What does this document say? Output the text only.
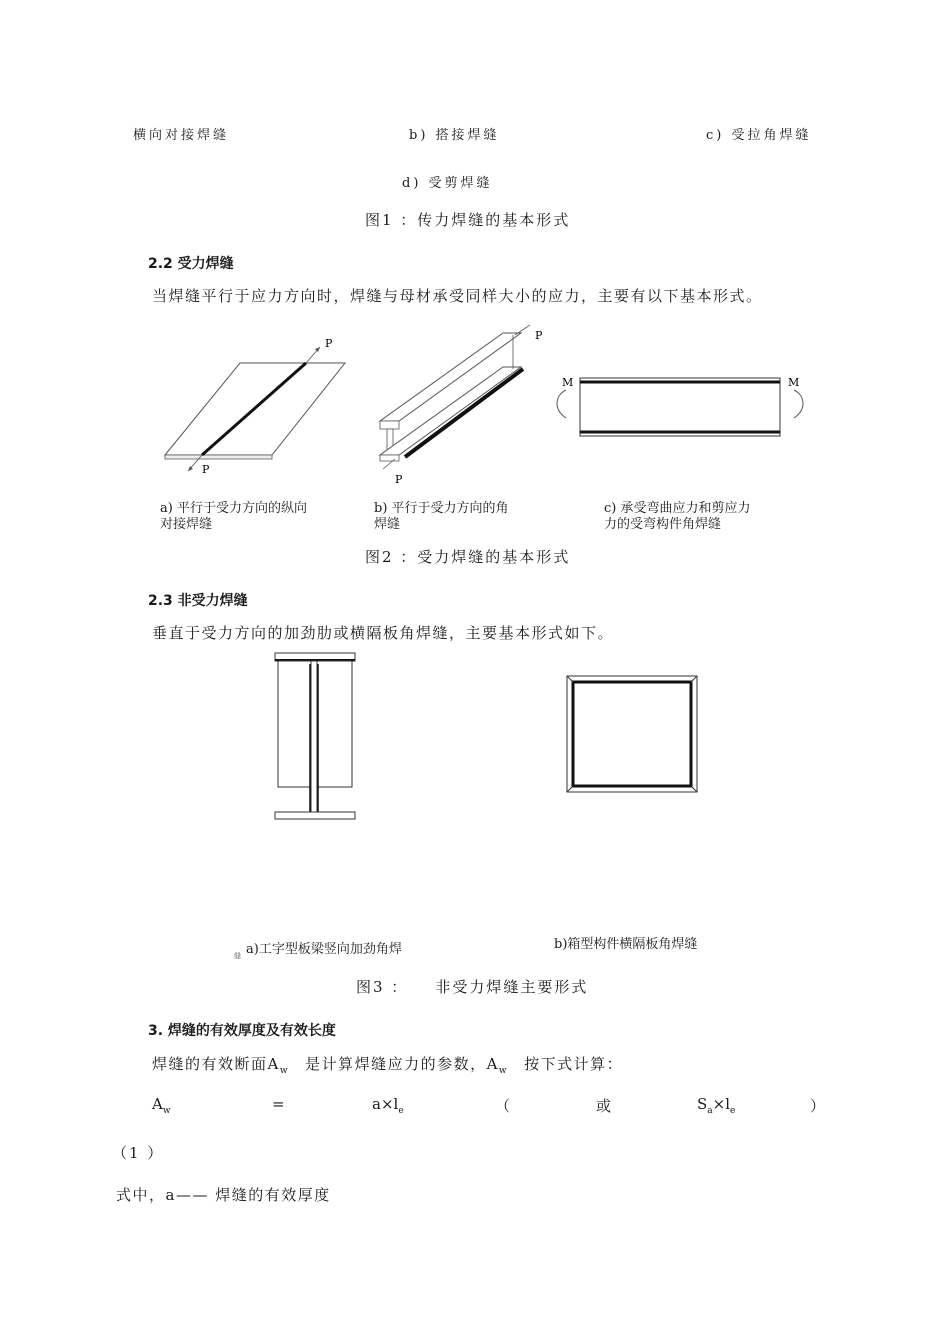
横向对接焊缝	b) 搭接焊缝	c) 受拉角焊缝
d) 受剪焊缝
图1 ：传力焊缝的基本形式
2.2 受力焊缝
当焊缝平行于应力方向时，焊缝与母材承受同样大小的应力，主要有以下基本形式。
P
P
P
P
M	M
a) 平行于受力方向的纵向
对接焊缝
b) 平行于受力方向的角
焊缝
c) 承受弯曲应力和剪应力
力的受弯构件角焊缝
图2 ：受力焊缝的基本形式
2.3 非受力焊缝
垂直于受力方向的加劲肋或横隔板角焊缝，主要基本形式如下。
a)工字型板梁竖向加劲角焊
缝
b)箱型构件横隔板角焊缝
图3 ：    非受力焊缝主要形式
3. 焊缝的有效厚度及有效长度
焊缝的有效断面$A_w$ 是计算焊缝应力的参数，$A_w$ 按下式计算：
$A_w$	=	$a\times l_e$	（	或	$S_a\times l_e$	）
（1 ）
式中，a—— 焊缝的有效厚度
